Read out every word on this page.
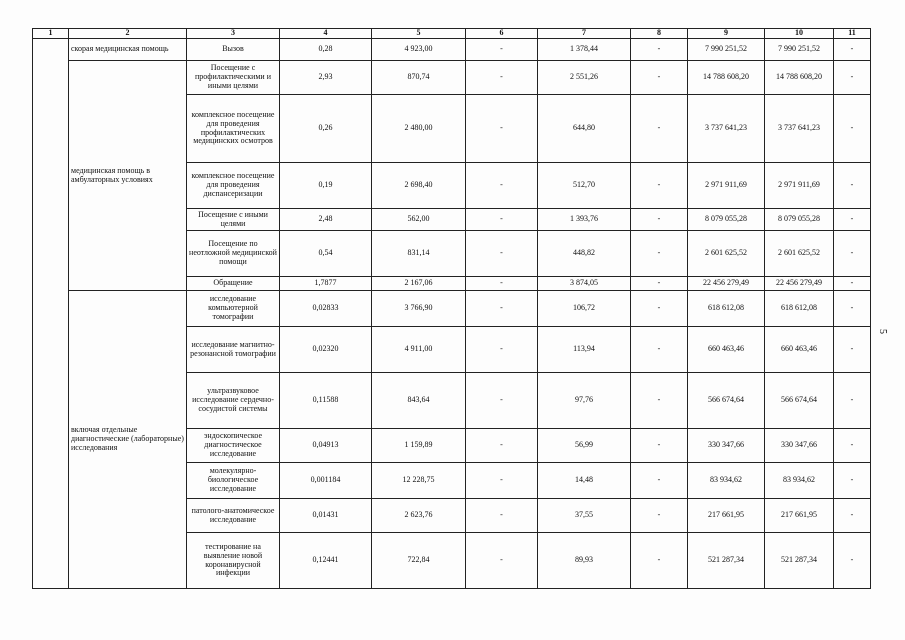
1	2	3	4	5	6	7	8	9	10	11
	скорая медицинская помощь	Вызов	0,28	4 923,00	-	1 378,44	-	7 990 251,52	7 990 251,52	-
	медицинская помощь в амбулаторных условиях	Посещение с профилактическими и иными целями	2,93	870,74	-	2 551,26	-	14 788 608,20	14 788 608,20	-
		комплексное посещение для проведения профилактических медицинских осмотров	0,26	2 480,00	-	644,80	-	3 737 641,23	3 737 641,23	-
		комплексное посещение для проведения диспансеризации	0,19	2 698,40	-	512,70	-	2 971 911,69	2 971 911,69	-
		Посещение с иными целями	2,48	562,00	-	1 393,76	-	8 079 055,28	8 079 055,28	-
		Посещение по неотложной медицинской помощи	0,54	831,14	-	448,82	-	2 601 625,52	2 601 625,52	-
		Обращение	1,7877	2 167,06	-	3 874,05	-	22 456 279,49	22 456 279,49	-
	включая отдельные диагностические (лабораторные) исследования	исследование компьютерной томографии	0,02833	3 766,90	-	106,72	-	618 612,08	618 612,08	-
		исследование магнитно-резонансной томографии	0,02320	4 911,00	-	113,94	-	660 463,46	660 463,46	-
		ультразвуковое исследование сердечно-сосудистой системы	0,11588	843,64	-	97,76	-	566 674,64	566 674,64	-
		эндоскопическое диагностическое исследование	0,04913	1 159,89	-	56,99	-	330 347,66	330 347,66	-
		молекулярно-биологическое исследование	0,001184	12 228,75	-	14,48	-	83 934,62	83 934,62	-
		патолого-анатомическое исследование	0,01431	2 623,76	-	37,55	-	217 661,95	217 661,95	-
		тестирование на выявление новой коронавирусной инфекции	0,12441	722,84	-	89,93	-	521 287,34	521 287,34	-
5
